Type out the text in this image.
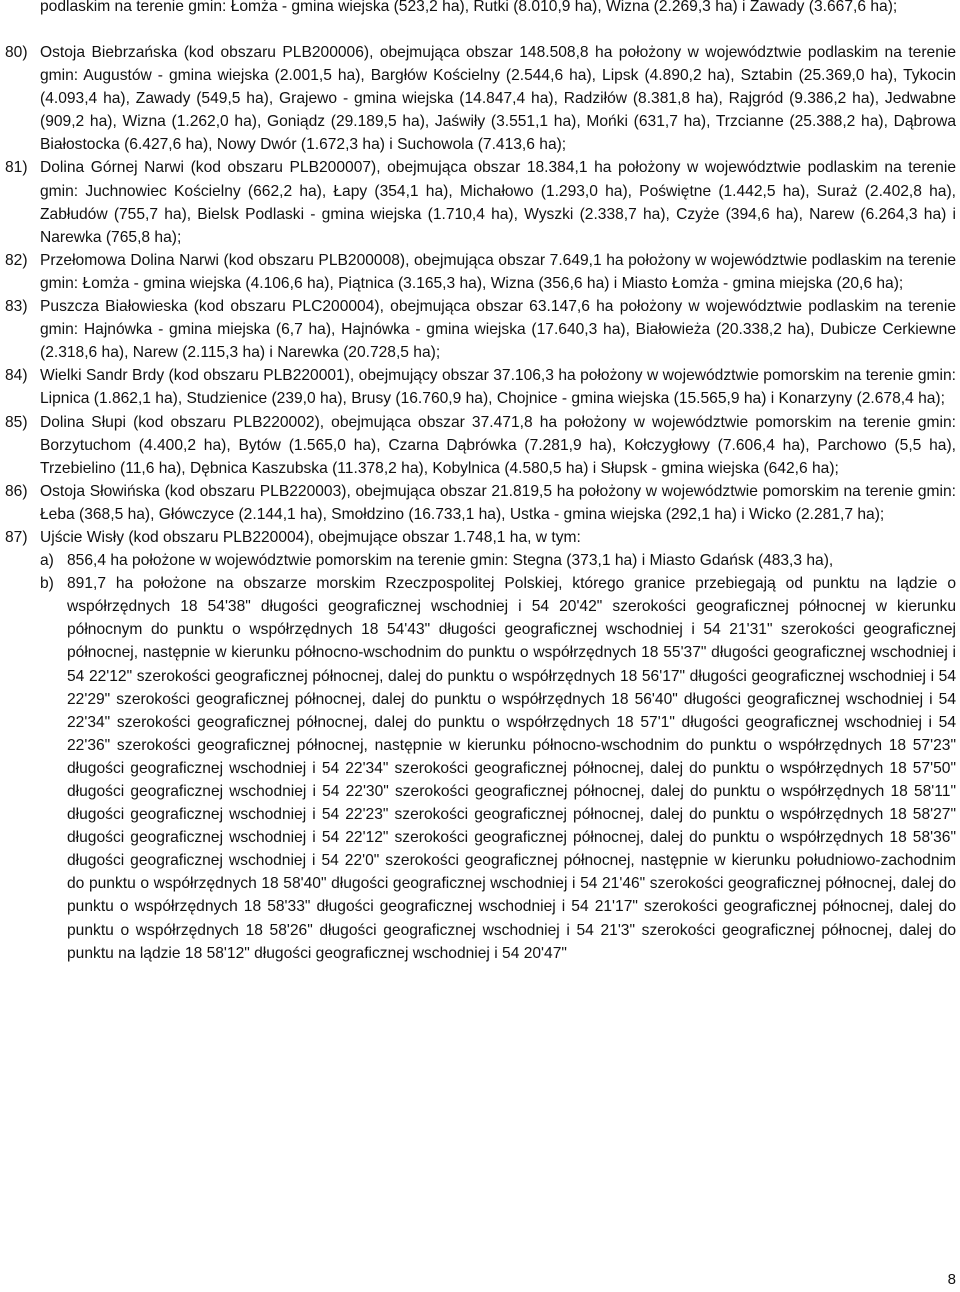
podlaskim na terenie gmin: Łomża - gmina wiejska (523,2 ha), Rutki (8.010,9 ha), Wizna (2.269,3 ha) i Zawady (3.667,6 ha);
80) Ostoja Biebrzańska (kod obszaru PLB200006), obejmująca obszar 148.508,8 ha położony w województwie podlaskim na terenie gmin: Augustów - gmina wiejska (2.001,5 ha), Bargłów Kościelny (2.544,6 ha), Lipsk (4.890,2 ha), Sztabin (25.369,0 ha), Tykocin (4.093,4 ha), Zawady (549,5 ha), Grajewo - gmina wiejska (14.847,4 ha), Radziłów (8.381,8 ha), Rajgród (9.386,2 ha), Jedwabne (909,2 ha), Wizna (1.262,0 ha), Goniądz (29.189,5 ha), Jaświły (3.551,1 ha), Mońki (631,7 ha), Trzcianne (25.388,2 ha), Dąbrowa Białostocka (6.427,6 ha), Nowy Dwór (1.672,3 ha) i Suchowola (7.413,6 ha);
81) Dolina Górnej Narwi (kod obszaru PLB200007), obejmująca obszar 18.384,1 ha położony w województwie podlaskim na terenie gmin: Juchnowiec Kościelny (662,2 ha), Łapy (354,1 ha), Michałowo (1.293,0 ha), Poświętne (1.442,5 ha), Suraż (2.402,8 ha), Zabłudów (755,7 ha), Bielsk Podlaski - gmina wiejska (1.710,4 ha), Wyszki (2.338,7 ha), Czyże (394,6 ha), Narew (6.264,3 ha) i Narewka (765,8 ha);
82) Przełomowa Dolina Narwi (kod obszaru PLB200008), obejmująca obszar 7.649,1 ha położony w województwie podlaskim na terenie gmin: Łomża - gmina wiejska (4.106,6 ha), Piątnica (3.165,3 ha), Wizna (356,6 ha) i Miasto Łomża - gmina miejska (20,6 ha);
83) Puszcza Białowieska (kod obszaru PLC200004), obejmująca obszar 63.147,6 ha położony w województwie podlaskim na terenie gmin: Hajnówka - gmina miejska (6,7 ha), Hajnówka - gmina wiejska (17.640,3 ha), Białowieża (20.338,2 ha), Dubicze Cerkiewne (2.318,6 ha), Narew (2.115,3 ha) i Narewka (20.728,5 ha);
84) Wielki Sandr Brdy (kod obszaru PLB220001), obejmujący obszar 37.106,3 ha położony w województwie pomorskim na terenie gmin: Lipnica (1.862,1 ha), Studzienice (239,0 ha), Brusy (16.760,9 ha), Chojnice - gmina wiejska (15.565,9 ha) i Konarzyny (2.678,4 ha);
85) Dolina Słupi (kod obszaru PLB220002), obejmująca obszar 37.471,8 ha położony w województwie pomorskim na terenie gmin: Borzytuchom (4.400,2 ha), Bytów (1.565,0 ha), Czarna Dąbrówka (7.281,9 ha), Kołczygłowy (7.606,4 ha), Parchowo (5,5 ha), Trzebielino (11,6 ha), Dębnica Kaszubska (11.378,2 ha), Kobylnica (4.580,5 ha) i Słupsk - gmina wiejska (642,6 ha);
86) Ostoja Słowińska (kod obszaru PLB220003), obejmująca obszar 21.819,5 ha położony w województwie pomorskim na terenie gmin: Łeba (368,5 ha), Główczyce (2.144,1 ha), Smołdzino (16.733,1 ha), Ustka - gmina wiejska (292,1 ha) i Wicko (2.281,7 ha);
87) Ujście Wisły (kod obszaru PLB220004), obejmujące obszar 1.748,1 ha, w tym:
a) 856,4 ha położone w województwie pomorskim na terenie gmin: Stegna (373,1 ha) i Miasto Gdańsk (483,3 ha),
b) 891,7 ha położone na obszarze morskim Rzeczpospolitej Polskiej, którego granice przebiegają od punktu na lądzie o współrzędnych 18 54'38" długości geograficznej wschodniej i 54 20'42" szerokości geograficznej północnej w kierunku północnym do punktu o współrzędnych 18 54'43" długości geograficznej wschodniej i 54 21'31" szerokości geograficznej północnej, następnie w kierunku północno-wschodnim do punktu o współrzędnych 18 55'37" długości geograficznej wschodniej i 54 22'12" szerokości geograficznej północnej, dalej do punktu o współrzędnych 18 56'17" długości geograficznej wschodniej i 54 22'29" szerokości geograficznej północnej, dalej do punktu o współrzędnych 18 56'40" długości geograficznej wschodniej i 54 22'34" szerokości geograficznej północnej, dalej do punktu o współrzędnych 18 57'1" długości geograficznej wschodniej i 54 22'36" szerokości geograficznej północnej, następnie w kierunku północno-wschodnim do punktu o współrzędnych 18 57'23" długości geograficznej wschodniej i 54 22'34" szerokości geograficznej północnej, dalej do punktu o współrzędnych 18 57'50" długości geograficznej wschodniej i 54 22'30" szerokości geograficznej północnej, dalej do punktu o współrzędnych 18 58'11" długości geograficznej wschodniej i 54 22'23" szerokości geograficznej północnej, dalej do punktu o współrzędnych 18 58'27" długości geograficznej wschodniej i 54 22'12" szerokości geograficznej północnej, dalej do punktu o współrzędnych 18 58'36" długości geograficznej wschodniej i 54 22'0" szerokości geograficznej północnej, następnie w kierunku południowo-zachodnim do punktu o współrzędnych 18 58'40" długości geograficznej wschodniej i 54 21'46" szerokości geograficznej północnej, dalej do punktu o współrzędnych 18 58'33" długości geograficznej wschodniej i 54 21'17" szerokości geograficznej północnej, dalej do punktu o współrzędnych 18 58'26" długości geograficznej wschodniej i 54 21'3" szerokości geograficznej północnej, dalej do punktu na lądzie 18 58'12" długości geograficznej wschodniej i 54 20'47"
8
